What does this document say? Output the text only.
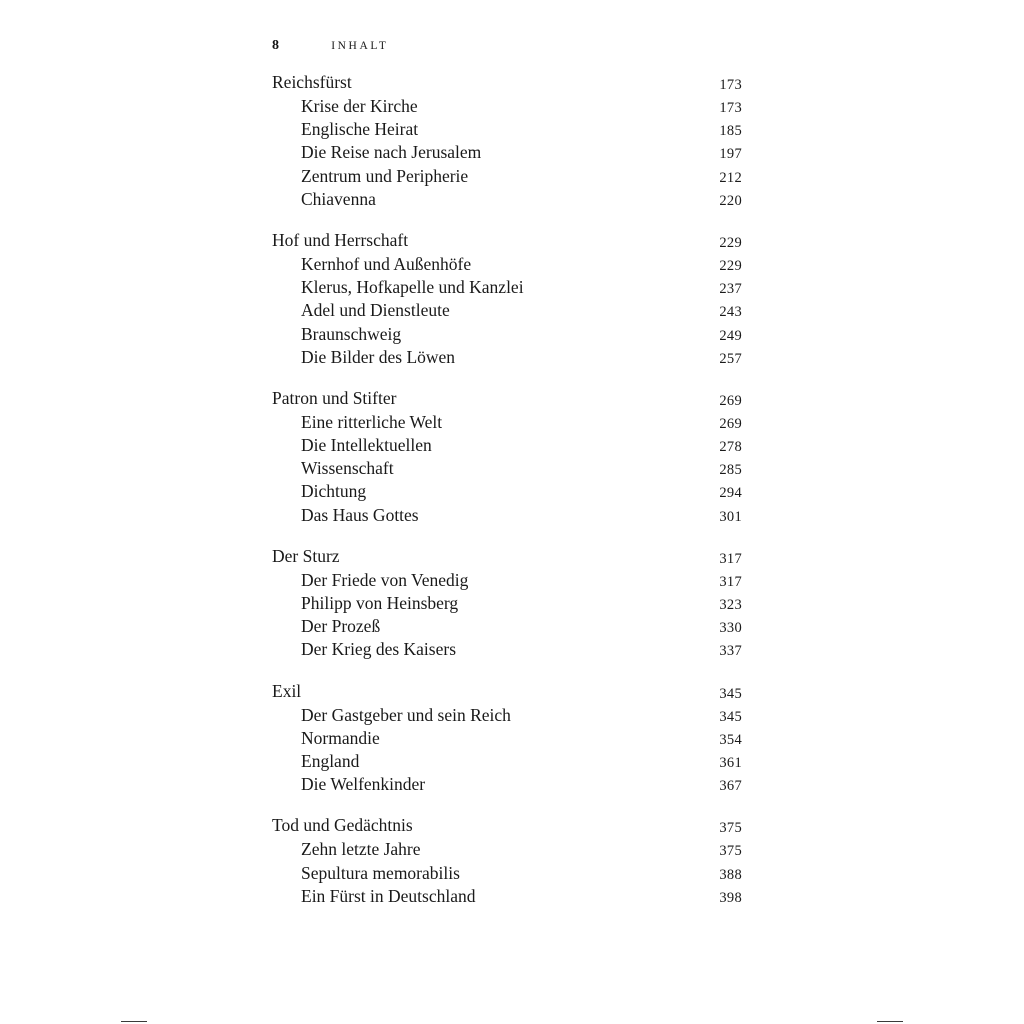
8	INHALT
Reichsfürst	173
Krise der Kirche	173
Englische Heirat	185
Die Reise nach Jerusalem	197
Zentrum und Peripherie	212
Chiavenna	220
Hof und Herrschaft	229
Kernhof und Außenhöfe	229
Klerus, Hofkapelle und Kanzlei	237
Adel und Dienstleute	243
Braunschweig	249
Die Bilder des Löwen	257
Patron und Stifter	269
Eine ritterliche Welt	269
Die Intellektuellen	278
Wissenschaft	285
Dichtung	294
Das Haus Gottes	301
Der Sturz	317
Der Friede von Venedig	317
Philipp von Heinsberg	323
Der Prozeß	330
Der Krieg des Kaisers	337
Exil	345
Der Gastgeber und sein Reich	345
Normandie	354
England	361
Die Welfenkinder	367
Tod und Gedächtnis	375
Zehn letzte Jahre	375
Sepultura memorabilis	388
Ein Fürst in Deutschland	398
